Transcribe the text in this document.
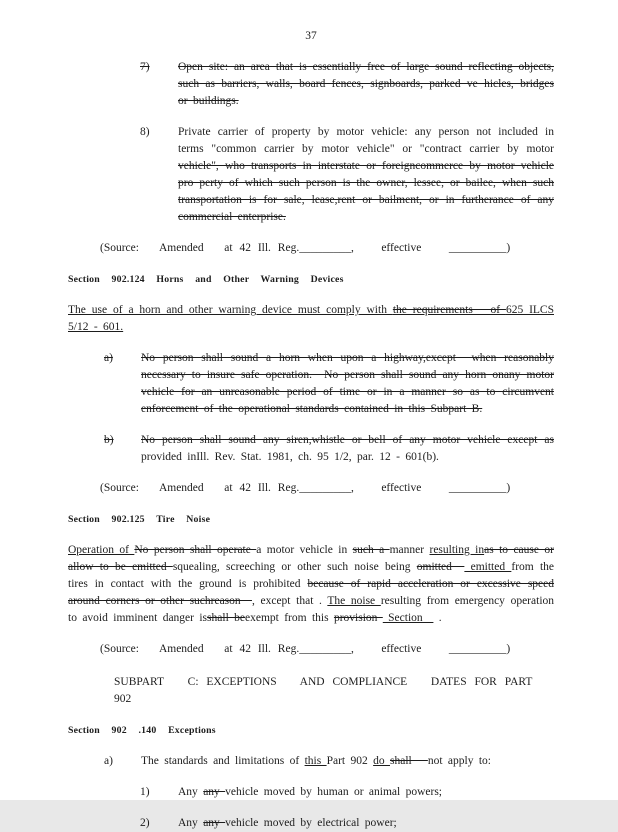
37
7)	Open site: an area that is essentially free of large sound reflecting objects, such as barriers, walls, board fences, signboards, parked ve hicles, bridges or buildings.
8)	Private carrier of property by motor vehicle: any person not included in terms "common carrier by motor vehicle" or "contract carrier by motor vehicle", who transports in interstate or foreigncommerce by motor vehicle pro perty of which such person is the owner, lessee, or bailee, when such transportation is for sale, lease,rent or bailment, or in furtherance of any commercial enterprise.
(Source:   Amended   at 42 Ill. Reg._________,    effective    __________)
Section 902.124 Horns and Other Warning Devices
The use of a horn and other warning device must comply with the requirements   of 625 ILCS 5/12 - 601.
a)	No person shall sound a horn when upon a highway,except  when reasonably necessary to insure safe operation.  No person shall sound any horn onany motor vehicle for an unreasonable period of time or in a manner so as to circumvent enforcement of the operational standards contained in this Subpart B.
b)	No person shall sound any siren,whistle or bell of any motor vehicle except as provided inIll. Rev. Stat. 1981, ch. 95 1/2, par. 12 - 601(b).
(Source:   Amended   at 42 Ill. Reg._________,    effective    __________)
Section 902.125 Tire Noise
Operation of No person shall operate a motor vehicle in such a manner resulting inas to cause or allow to be emitted squealing, screeching or other such noise being omitted   emitted from the tires in contact with the ground is prohibited because of rapid acceleration or excessive speed around corners or other suchreason  , except that . The noise resulting from emergency operation to avoid imminent danger isshall beexempt from this provision  Section   .
(Source:   Amended   at 42 Ill. Reg._________,    effective    __________)
SUBPART   C: EXCEPTIONS   AND COMPLIANCE   DATES FOR PART 902
Section 902 .140 Exceptions
a)	The standards and limitations of this Part 902 do shall   not apply to:
1)	Any any vehicle moved by human or animal powers;
2)	Any any vehicle moved by electrical power;
